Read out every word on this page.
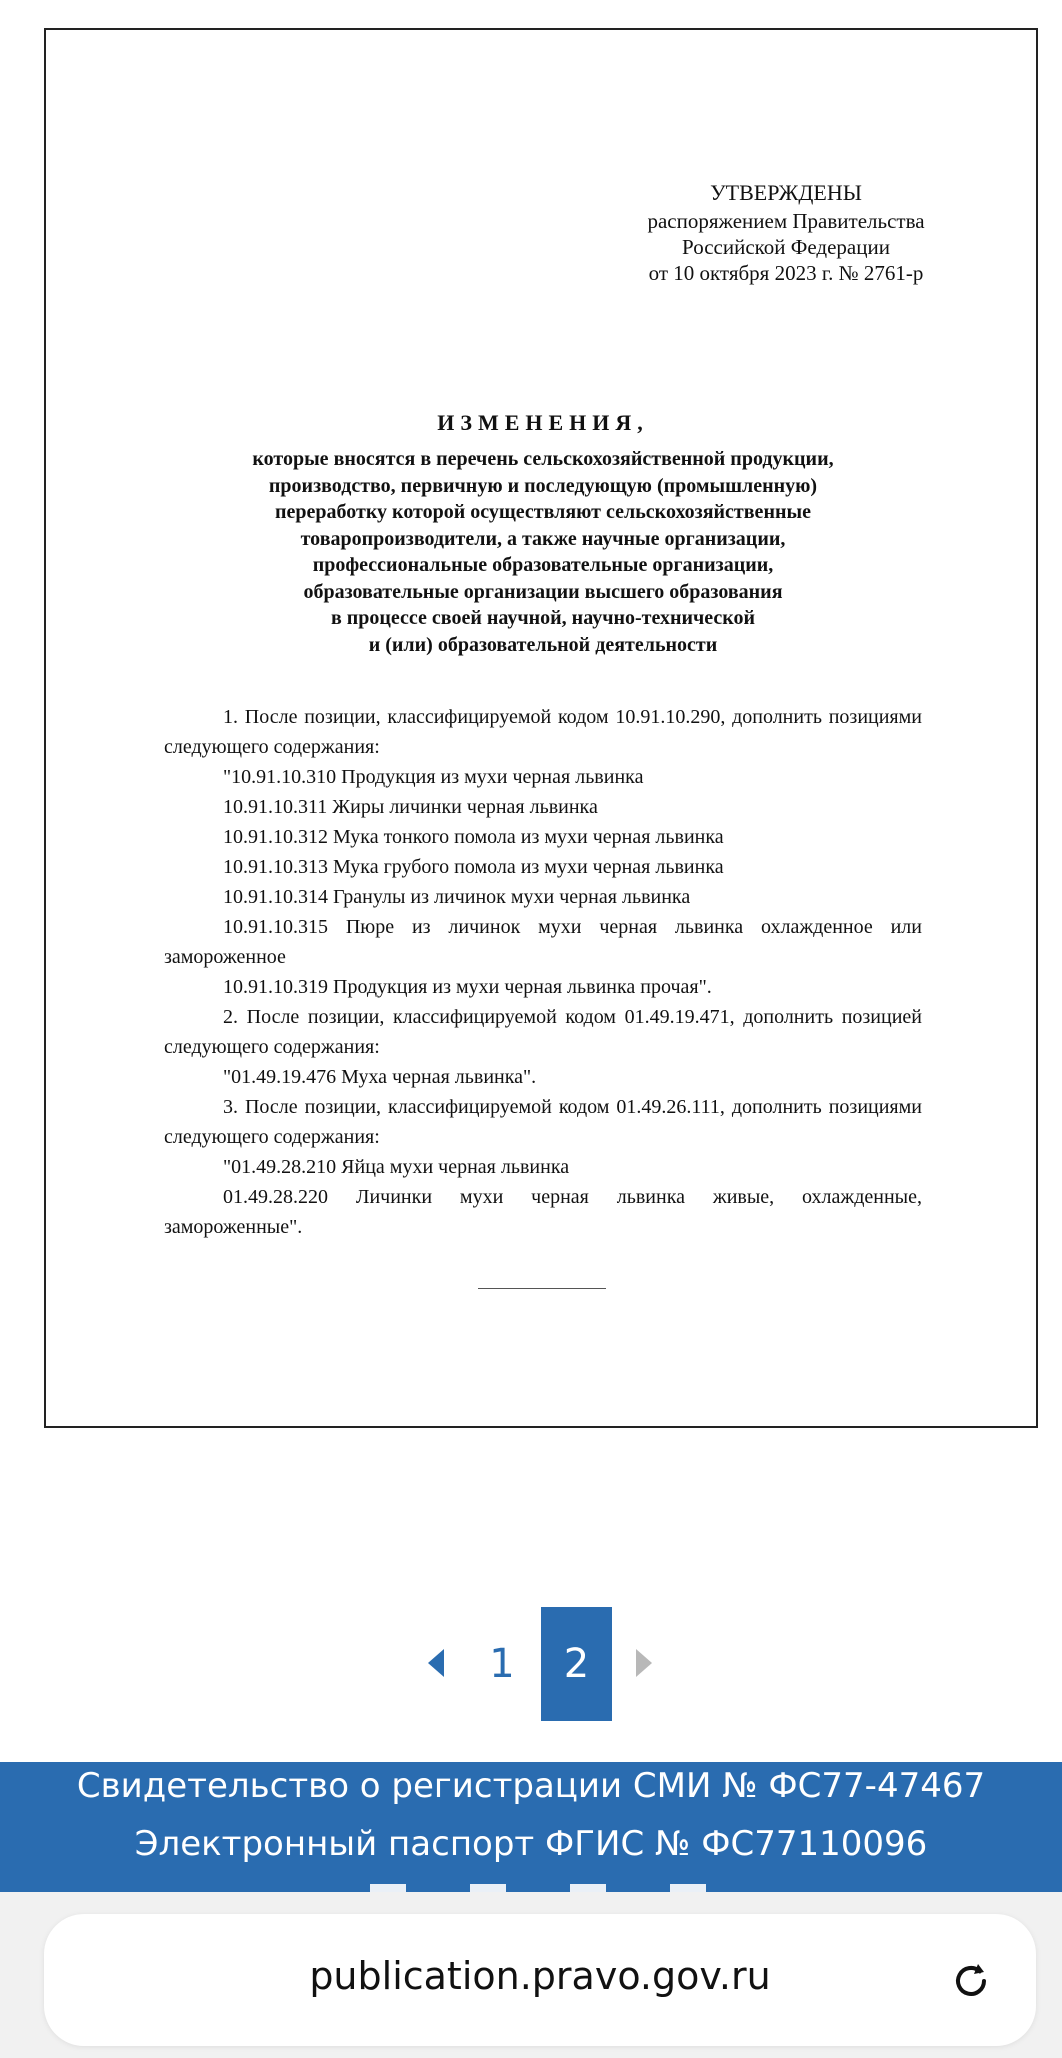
УТВЕРЖДЕНЫ
распоряжением Правительства
Российской Федерации
от 10 октября 2023 г. № 2761-р
ИЗМЕНЕНИЯ,
которые вносятся в перечень сельскохозяйственной продукции,
производство, первичную и последующую (промышленную)
переработку которой осуществляют сельскохозяйственные
товаропроизводители, а также научные организации,
профессиональные образовательные организации,
образовательные организации высшего образования
в процессе своей научной, научно-технической
и (или) образовательной деятельности

1. После позиции, классифицируемой кодом 10.91.10.290, дополнить позициями следующего содержания:

"10.91.10.310 Продукция из мухи черная львинка

10.91.10.311 Жиры личинки черная львинка

10.91.10.312 Мука тонкого помола из мухи черная львинка

10.91.10.313 Мука грубого помола из мухи черная львинка

10.91.10.314 Гранулы из личинок мухи черная львинка

10.91.10.315 Пюре из личинок мухи черная львинка охлажденное или замороженное

10.91.10.319 Продукция из мухи черная львинка прочая".

2. После позиции, классифицируемой кодом 01.49.19.471, дополнить позицией следующего содержания:

"01.49.19.476 Муха черная львинка".

3. После позиции, классифицируемой кодом 01.49.26.111, дополнить позициями следующего содержания:

"01.49.28.210 Яйца мухи черная львинка

01.49.28.220 Личинки мухи черная львинка живые, охлажденные, замороженные".

1	2
Свидетельство о регистрации СМИ № ФС77-47467
Электронный паспорт ФГИС № ФС77110096
publication.pravo.gov.ru
